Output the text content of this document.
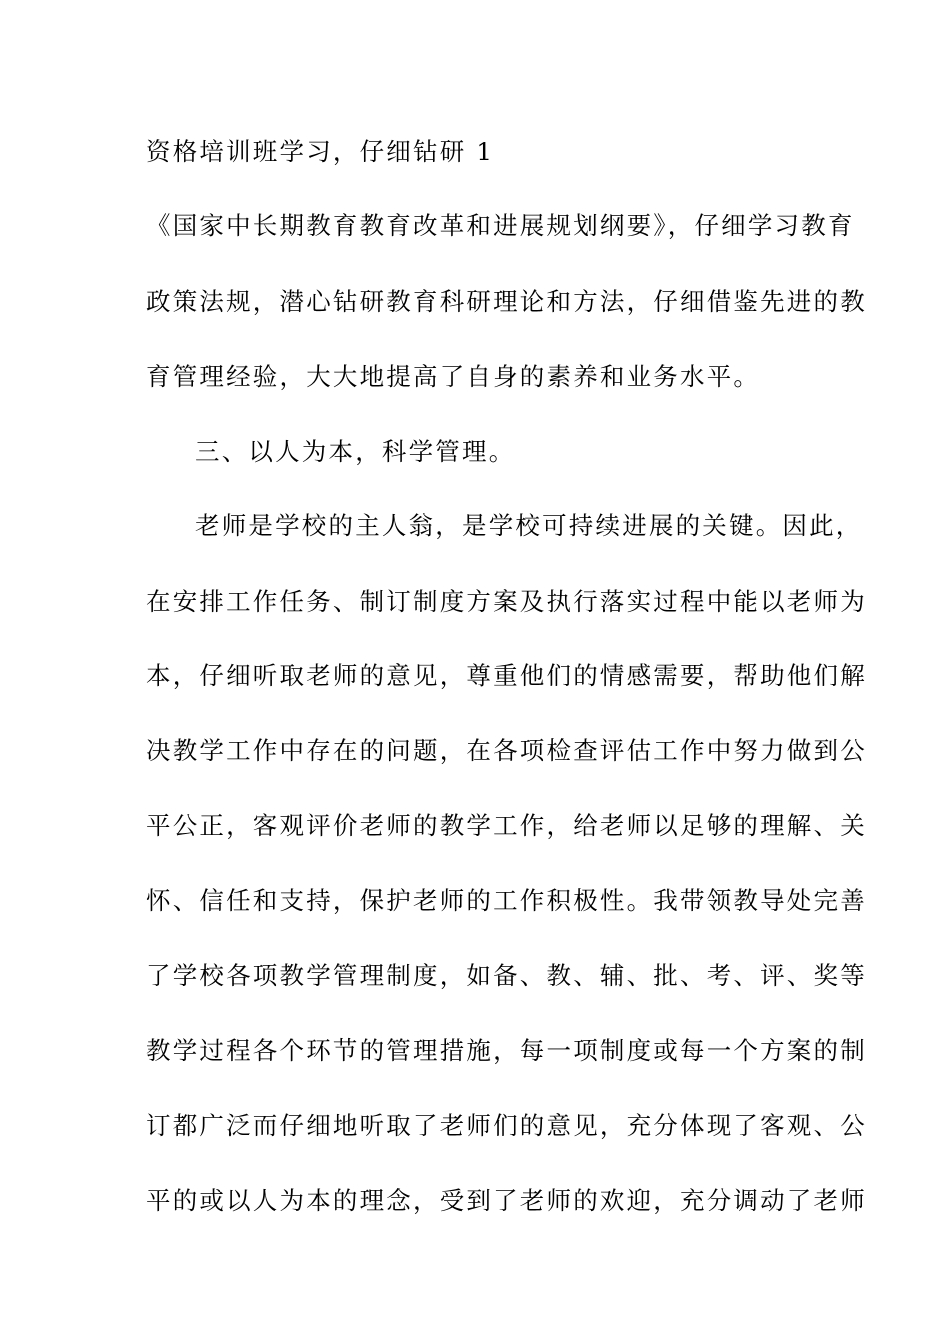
资格培训班学习，仔细钻研 1
《国家中长期教育教育改革和进展规划纲要》，仔细学习教育
政策法规，潜心钻研教育科研理论和方法，仔细借鉴先进的教
育管理经验，大大地提高了自身的素养和业务水平。
三、以人为本，科学管理。
老师是学校的主人翁，是学校可持续进展的关键。因此，
在安排工作任务、制订制度方案及执行落实过程中能以老师为
本，仔细听取老师的意见，尊重他们的情感需要，帮助他们解
决教学工作中存在的问题，在各项检查评估工作中努力做到公
平公正，客观评价老师的教学工作，给老师以足够的理解、关
怀、信任和支持，保护老师的工作积极性。我带领教导处完善
了学校各项教学管理制度，如备、教、辅、批、考、评、奖等
教学过程各个环节的管理措施，每一项制度或每一个方案的制
订都广泛而仔细地听取了老师们的意见，充分体现了客观、公
平的或以人为本的理念，受到了老师的欢迎，充分调动了老师
